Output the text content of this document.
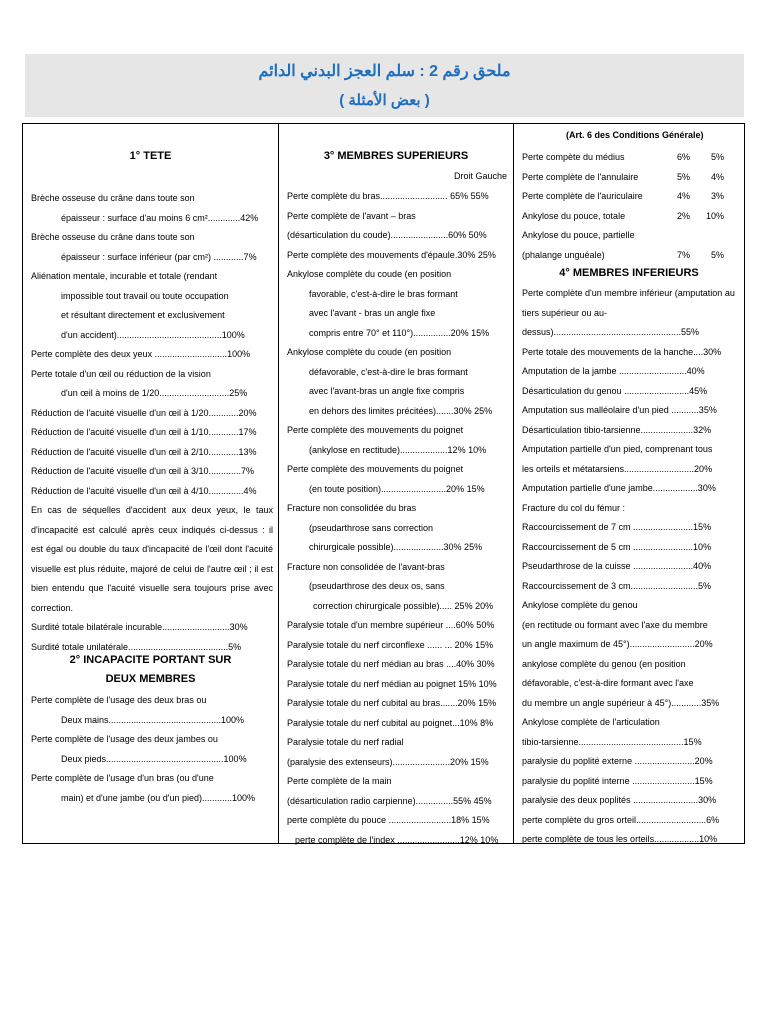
ملحق رقم 2 : سلم العجز البدني الدائم
( بعض الأمثلة )
1° TETE
Brèche osseuse du crâne dans toute son
épaisseur : surface d'au moins 6 cm².............42%
Brèche osseuse du crâne dans toute son
épaisseur : surface inférieur (par cm²) ............7%
Aliénation mentale, incurable et totale (rendant
impossible tout travail ou toute occupation
et résultant directement et exclusivement
d'un accident)..........................................100%
Perte complète des deux yeux .............................100%
Perte totale d'un œil ou réduction de la vision
d'un œil à moins de 1/20............................25%
Réduction de l'acuité visuelle d'un œil à 1/20............20%
Réduction de l'acuité visuelle d'un œil à 1/10............17%
Réduction de l'acuité visuelle d'un œil à 2/10............13%
Réduction de l'acuité visuelle d'un œil à 3/10.............7%
Réduction de l'acuité visuelle d'un œil à 4/10..............4%
En cas de séquelles d'accident aux deux yeux, le taux
d'incapacité est calculé après ceux indiqués ci-dessus : il
est égal ou double du taux d'incapacité de l'œil dont l'acuité
visuelle est plus réduite, majoré de celui de l'autre œil ; il est
bien entendu que l'acuité visuelle sera toujours prise avec
correction.
Surdité totale bilatérale incurable...........................30%
Surdité totale unilatérale........................................5%
2° INCAPACITE PORTANT SUR
DEUX MEMBRES
Perte complète de l'usage des deux bras ou
Deux mains.............................................100%
Perte complète de l'usage des deux jambes ou
Deux pieds...............................................100%
Perte complète de l'usage d'un bras (ou d'une
main) et d'une jambe (ou d'un pied)............100%
3° MEMBRES SUPERIEURS
Droit Gauche
Perte complète du bras........................... 65% 55%
Perte complète de l'avant – bras
(désarticulation du coude).......................60% 50%
Perte complète des mouvements d'épaule.30% 25%
Ankylose complète du coude (en position
favorable, c'est-à-dire le bras formant
avec l'avant - bras un angle fixe
compris entre 70° et 110°)...............20% 15%
Ankylose complète du coude (en position
défavorable, c'est-à-dire le bras formant
avec l'avant-bras un angle fixe compris
en dehors des limites précitées).......30% 25%
Perte complète des mouvements du poignet
(ankylose en rectitude)...................12% 10%
Perte complète des mouvements du poignet
(en toute position)..........................20% 15%
Fracture non consolidée du bras
(pseudarthrose sans correction
chirurgicale possible)....................30% 25%
Fracture non consolidée de l'avant-bras
(pseudarthrose des deux os, sans
correction chirurgicale possible)..... 25% 20%
Paralysie totale d'un membre supérieur ....60% 50%
Paralysie totale du nerf circonflexe ...... ... 20% 15%
Paralysie totale du nerf médian au bras ....40% 30%
Paralysie totale du nerf médian au poignet 15% 10%
Paralysie totale du nerf cubital au bras.......20% 15%
Paralysie totale du nerf cubital au poignet...10% 8%
Paralysie totale du nerf radial
(paralysie des extenseurs).......................20% 15%
Perte complète de la main
(désarticulation radio carpienne)...............55% 45%
perte complète du pouce .........................18% 15%
perte complète de l'index .........................12% 10%
(Art. 6 des Conditions Générale)
Perte compète du médius	6%	5%
Perte complète de l'annulaire	5%	4%
Perte complète de l'auriculaire	4%	3%
Ankylose du pouce, totale	2%	10%
Ankylose du pouce, partielle
(phalange unguéale)	7%	5%
4° MEMBRES INFERIEURS
Perte complète d'un membre inférieur (amputation au
tiers supérieur ou au-
dessus)...................................................55%
Perte totale des mouvements de la hanche....30%
Amputation de la jambe ...........................40%
Désarticulation du genou ..........................45%
Amputation sus malléolaire d'un pied ...........35%
Désarticulation tibio-tarsienne.....................32%
Amputation partielle d'un pied, comprenant tous
les orteils et métatarsiens............................20%
Amputation partielle d'une jambe..................30%
Fracture du col du fémur :
Raccourcissement de 7 cm ........................15%
Raccourcissement de 5 cm ........................10%
Pseudarthrose de la cuisse ........................40%
Raccourcissement de 3 cm...........................5%
Ankylose complète du genou
(en rectitude ou formant avec l'axe du membre
un angle maximum de 45°)..........................20%
ankylose complète du genou (en position
défavorable, c'est-à-dire formant avec l'axe
du membre un angle supérieur à 45°)............35%
Ankylose complète de l'articulation
tibio-tarsienne..........................................15%
paralysie du poplité externe ........................20%
paralysie du poplité interne .........................15%
paralysie des deux poplités ..........................30%
perte complète du gros orteil............................6%
perte complète de tous les orteils..................10%
